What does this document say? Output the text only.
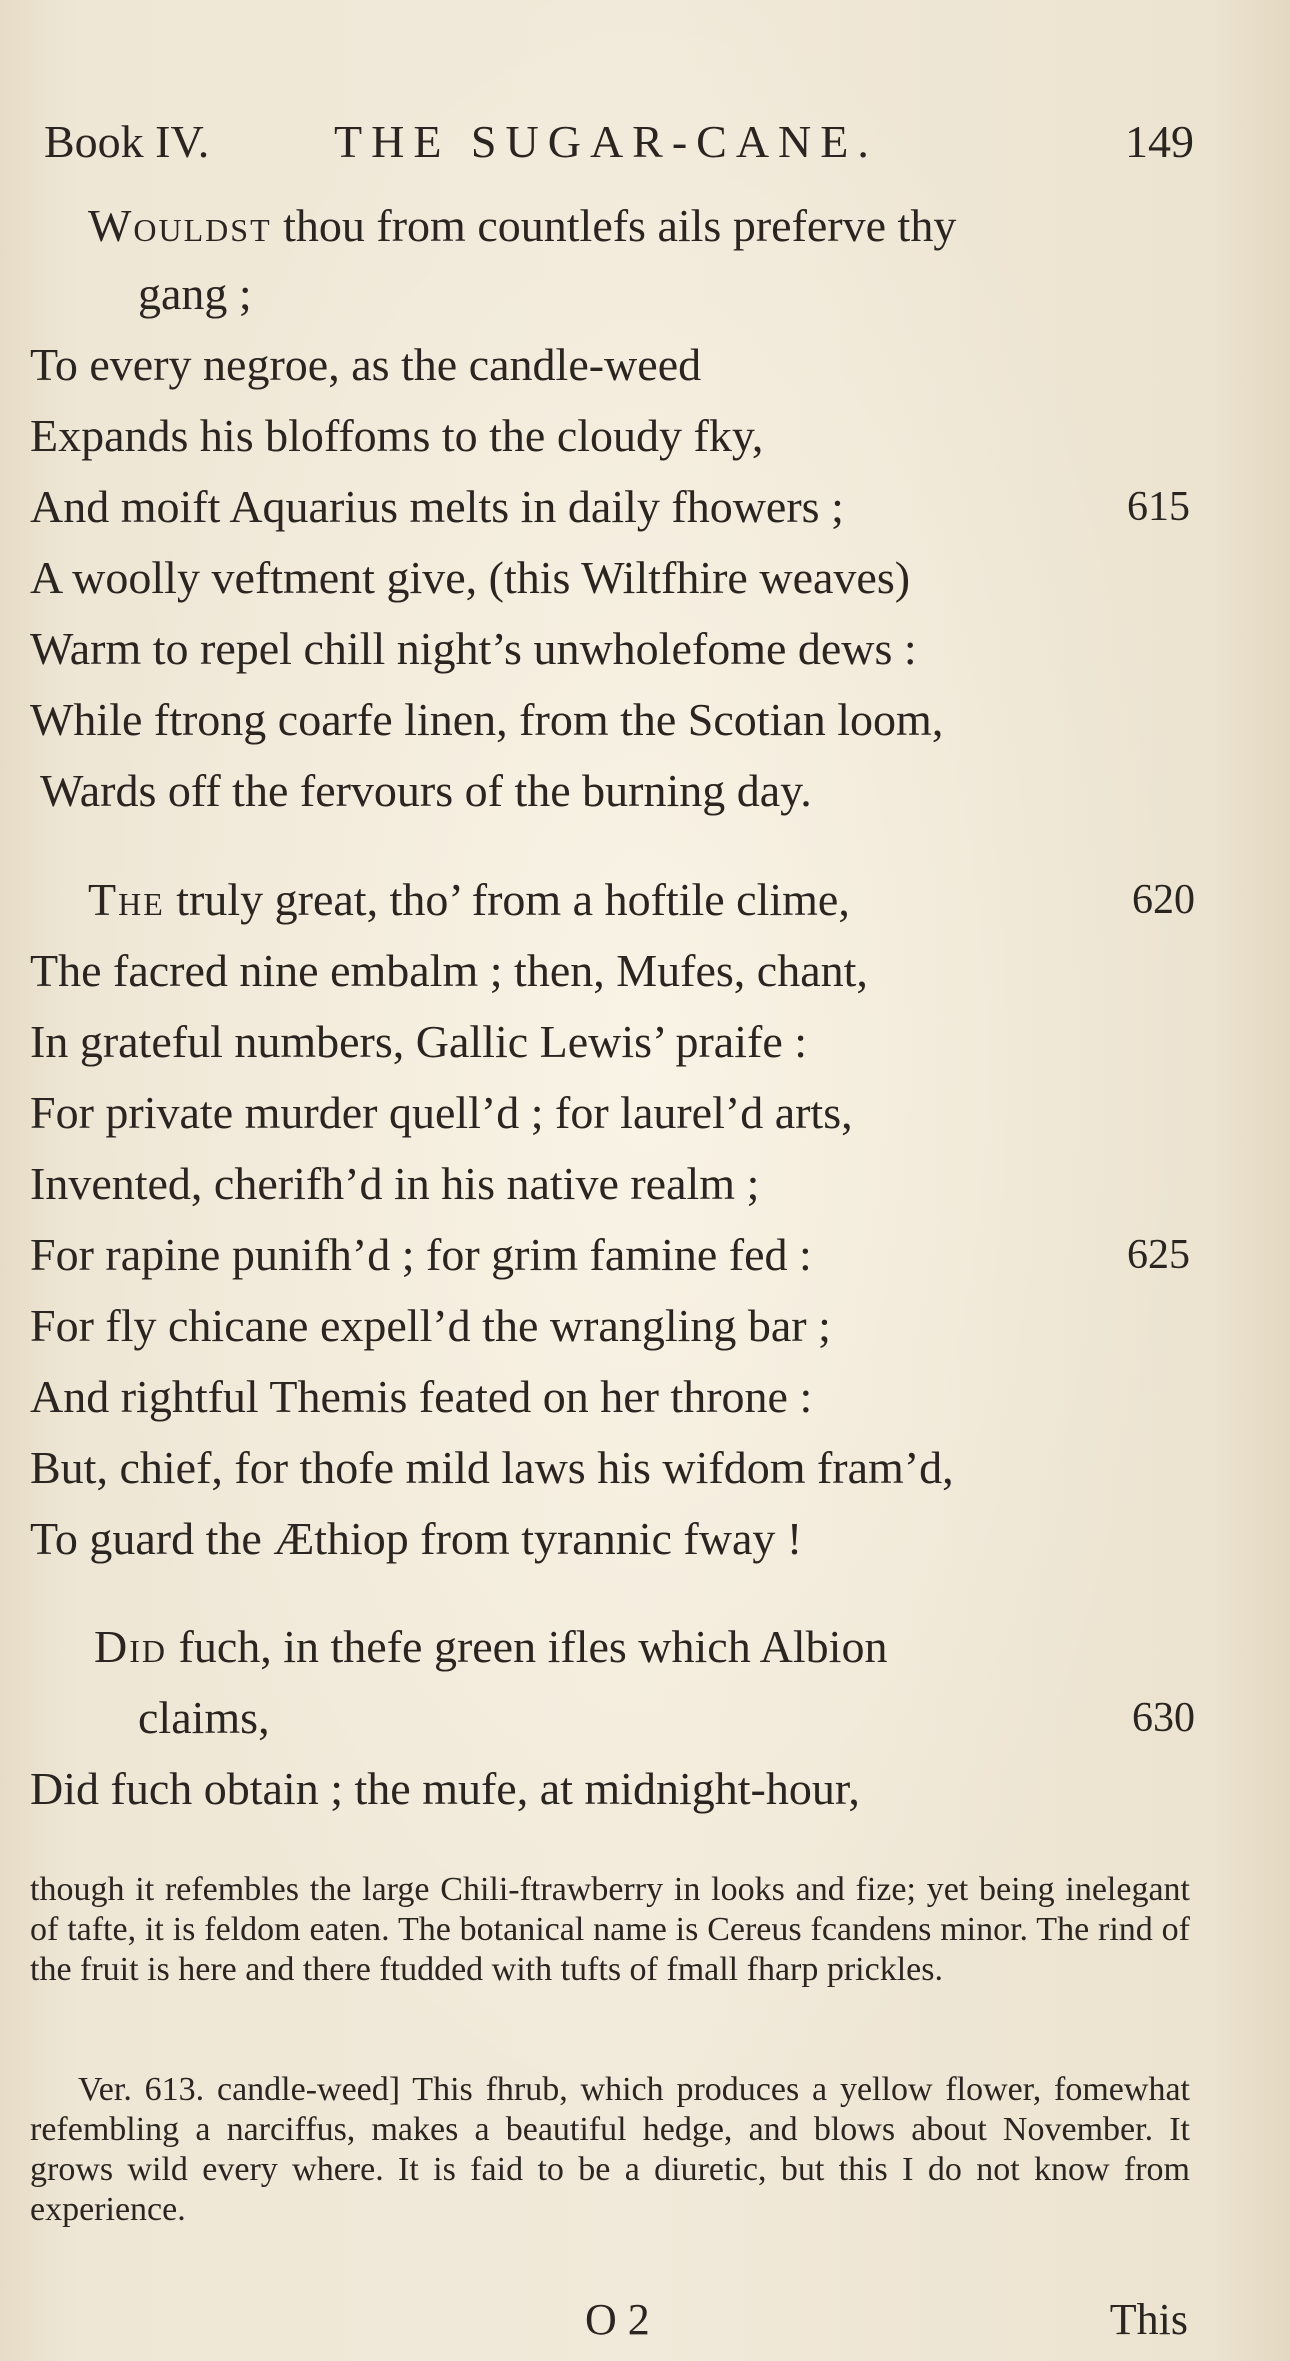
Book IV.	THE SUGAR-CANE.	149
Wouldst thou from countlefs ails preferve thy
gang ;
To every negroe, as the candle-weed
Expands his bloffoms to the cloudy fky,
And moift Aquarius melts in daily fhowers ;	615
A woolly veftment give, (this Wiltfhire weaves)
Warm to repel chill night’s unwholefome dews :
While ftrong coarfe linen, from the Scotian loom,
Wards off the fervours of the burning day.
The truly great, tho’ from a hoftile clime,	620
The facred nine embalm ; then, Mufes, chant,
In grateful numbers, Gallic Lewis’ praife :
For private murder quell’d ; for laurel’d arts,
Invented, cherifh’d in his native realm ;
For rapine punifh’d ; for grim famine fed :	625
For fly chicane expell’d the wrangling bar ;
And rightful Themis feated on her throne :
But, chief, for thofe mild laws his wifdom fram’d,
To guard the Æthiop from tyrannic fway !
Did fuch, in thefe green ifles which Albion
claims,	630
Did fuch obtain ; the mufe, at midnight-hour,

though it refembles the large Chili-ftrawberry in looks and fize; yet being inelegant of tafte, it is feldom eaten. The botanical name is Cereus fcandens minor. The rind of the fruit is here and there ftudded with tufts of fmall fharp prickles.

Ver. 613. candle-weed] This fhrub, which produces a yellow flower, fomewhat refembling a narciffus, makes a beautiful hedge, and blows about November. It grows wild every where. It is faid to be a diuretic, but this I do not know from experience.

O 2	This
